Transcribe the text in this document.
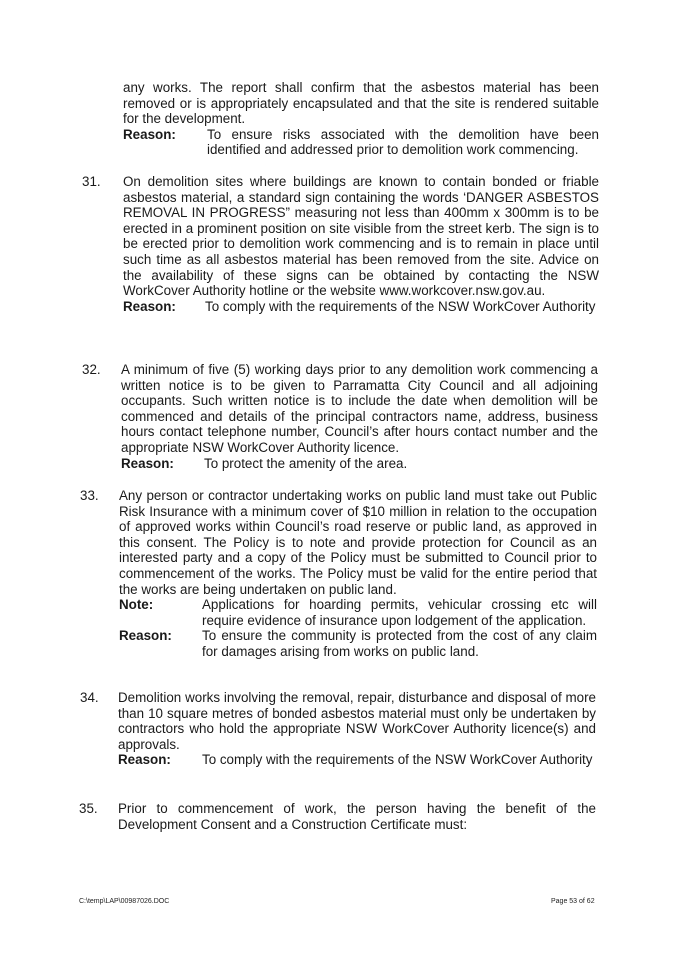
any works. The report shall confirm that the asbestos material has been removed or is appropriately encapsulated and that the site is rendered suitable for the development.

Reason:	To ensure risks associated with the demolition have been identified and addressed prior to demolition work commencing.
31. On demolition sites where buildings are known to contain bonded or friable asbestos material, a standard sign containing the words ‘DANGER ASBESTOS REMOVAL IN PROGRESS” measuring not less than 400mm x 300mm is to be erected in a prominent position on site visible from the street kerb. The sign is to be erected prior to demolition work commencing and is to remain in place until such time as all asbestos material has been removed from the site. Advice on the availability of these signs can be obtained by contacting the NSW WorkCover Authority hotline or the website www.workcover.nsw.gov.au.

Reason:	To comply with the requirements of the NSW WorkCover Authority
32. A minimum of five (5) working days prior to any demolition work commencing a written notice is to be given to Parramatta City Council and all adjoining occupants. Such written notice is to include the date when demolition will be commenced and details of the principal contractors name, address, business hours contact telephone number, Council’s after hours contact number and the appropriate NSW WorkCover Authority licence.

Reason:	To protect the amenity of the area.
33. Any person or contractor undertaking works on public land must take out Public Risk Insurance with a minimum cover of $10 million in relation to the occupation of approved works within Council’s road reserve or public land, as approved in this consent. The Policy is to note and provide protection for Council as an interested party and a copy of the Policy must be submitted to Council prior to commencement of the works. The Policy must be valid for the entire period that the works are being undertaken on public land.

Note:	Applications for hoarding permits, vehicular crossing etc will require evidence of insurance upon lodgement of the application.
Reason:	To ensure the community is protected from the cost of any claim for damages arising from works on public land.
34. Demolition works involving the removal, repair, disturbance and disposal of more than 10 square metres of bonded asbestos material must only be undertaken by contractors who hold the appropriate NSW WorkCover Authority licence(s) and approvals.

Reason:	To comply with the requirements of the NSW WorkCover Authority
35. Prior to commencement of work, the person having the benefit of the Development Consent and a Construction Certificate must:

C:\temp\LAP\00987026.DOC	Page 53 of 62
